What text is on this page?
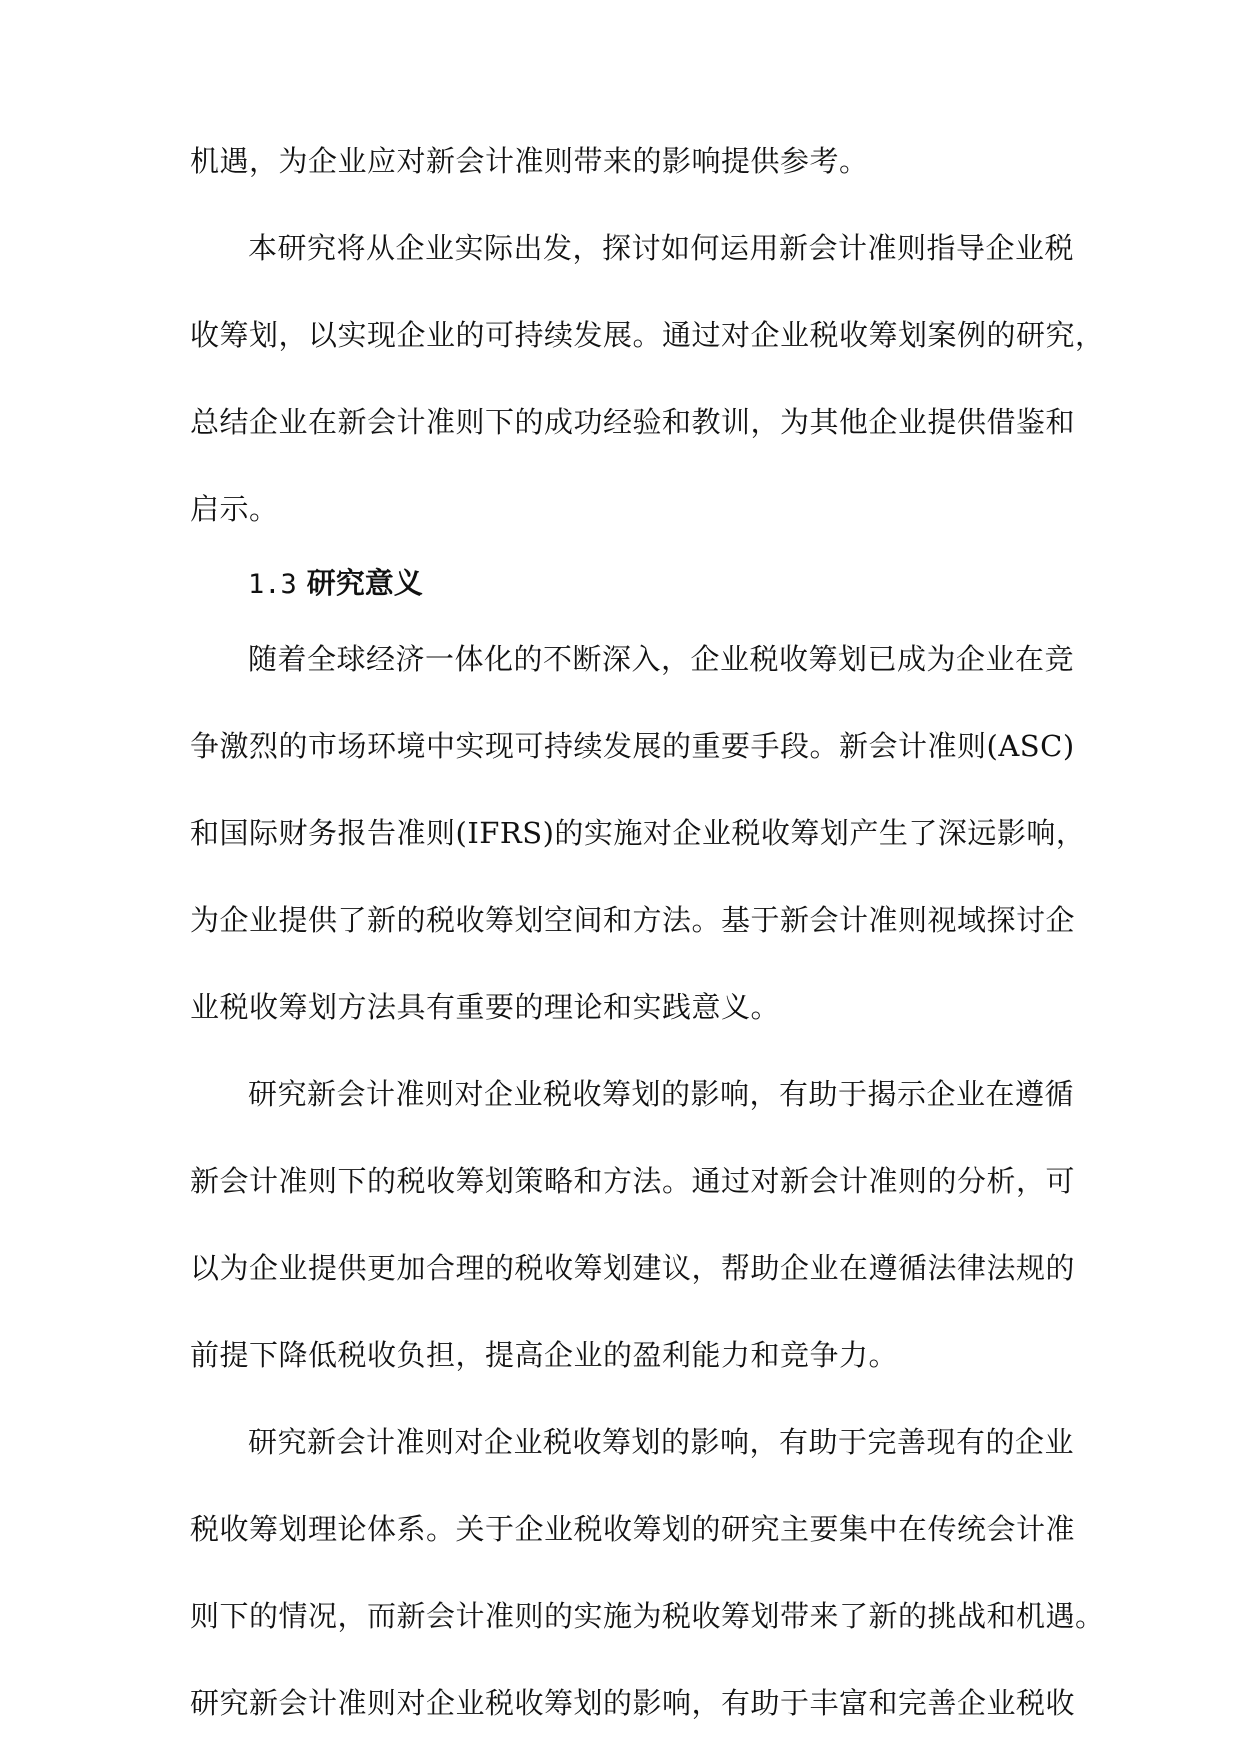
机遇，为企业应对新会计准则带来的影响提供参考。
本研究将从企业实际出发，探讨如何运用新会计准则指导企业税
收筹划，以实现企业的可持续发展。通过对企业税收筹划案例的研究，
总结企业在新会计准则下的成功经验和教训，为其他企业提供借鉴和
启示。
1.3 研究意义
随着全球经济一体化的不断深入，企业税收筹划已成为企业在竞
争激烈的市场环境中实现可持续发展的重要手段。新会计准则(ASC)
和国际财务报告准则(IFRS)的实施对企业税收筹划产生了深远影响，
为企业提供了新的税收筹划空间和方法。基于新会计准则视域探讨企
业税收筹划方法具有重要的理论和实践意义。
研究新会计准则对企业税收筹划的影响，有助于揭示企业在遵循
新会计准则下的税收筹划策略和方法。通过对新会计准则的分析，可
以为企业提供更加合理的税收筹划建议，帮助企业在遵循法律法规的
前提下降低税收负担，提高企业的盈利能力和竞争力。
研究新会计准则对企业税收筹划的影响，有助于完善现有的企业
税收筹划理论体系。关于企业税收筹划的研究主要集中在传统会计准
则下的情况，而新会计准则的实施为税收筹划带来了新的挑战和机遇。
研究新会计准则对企业税收筹划的影响，有助于丰富和完善企业税收
